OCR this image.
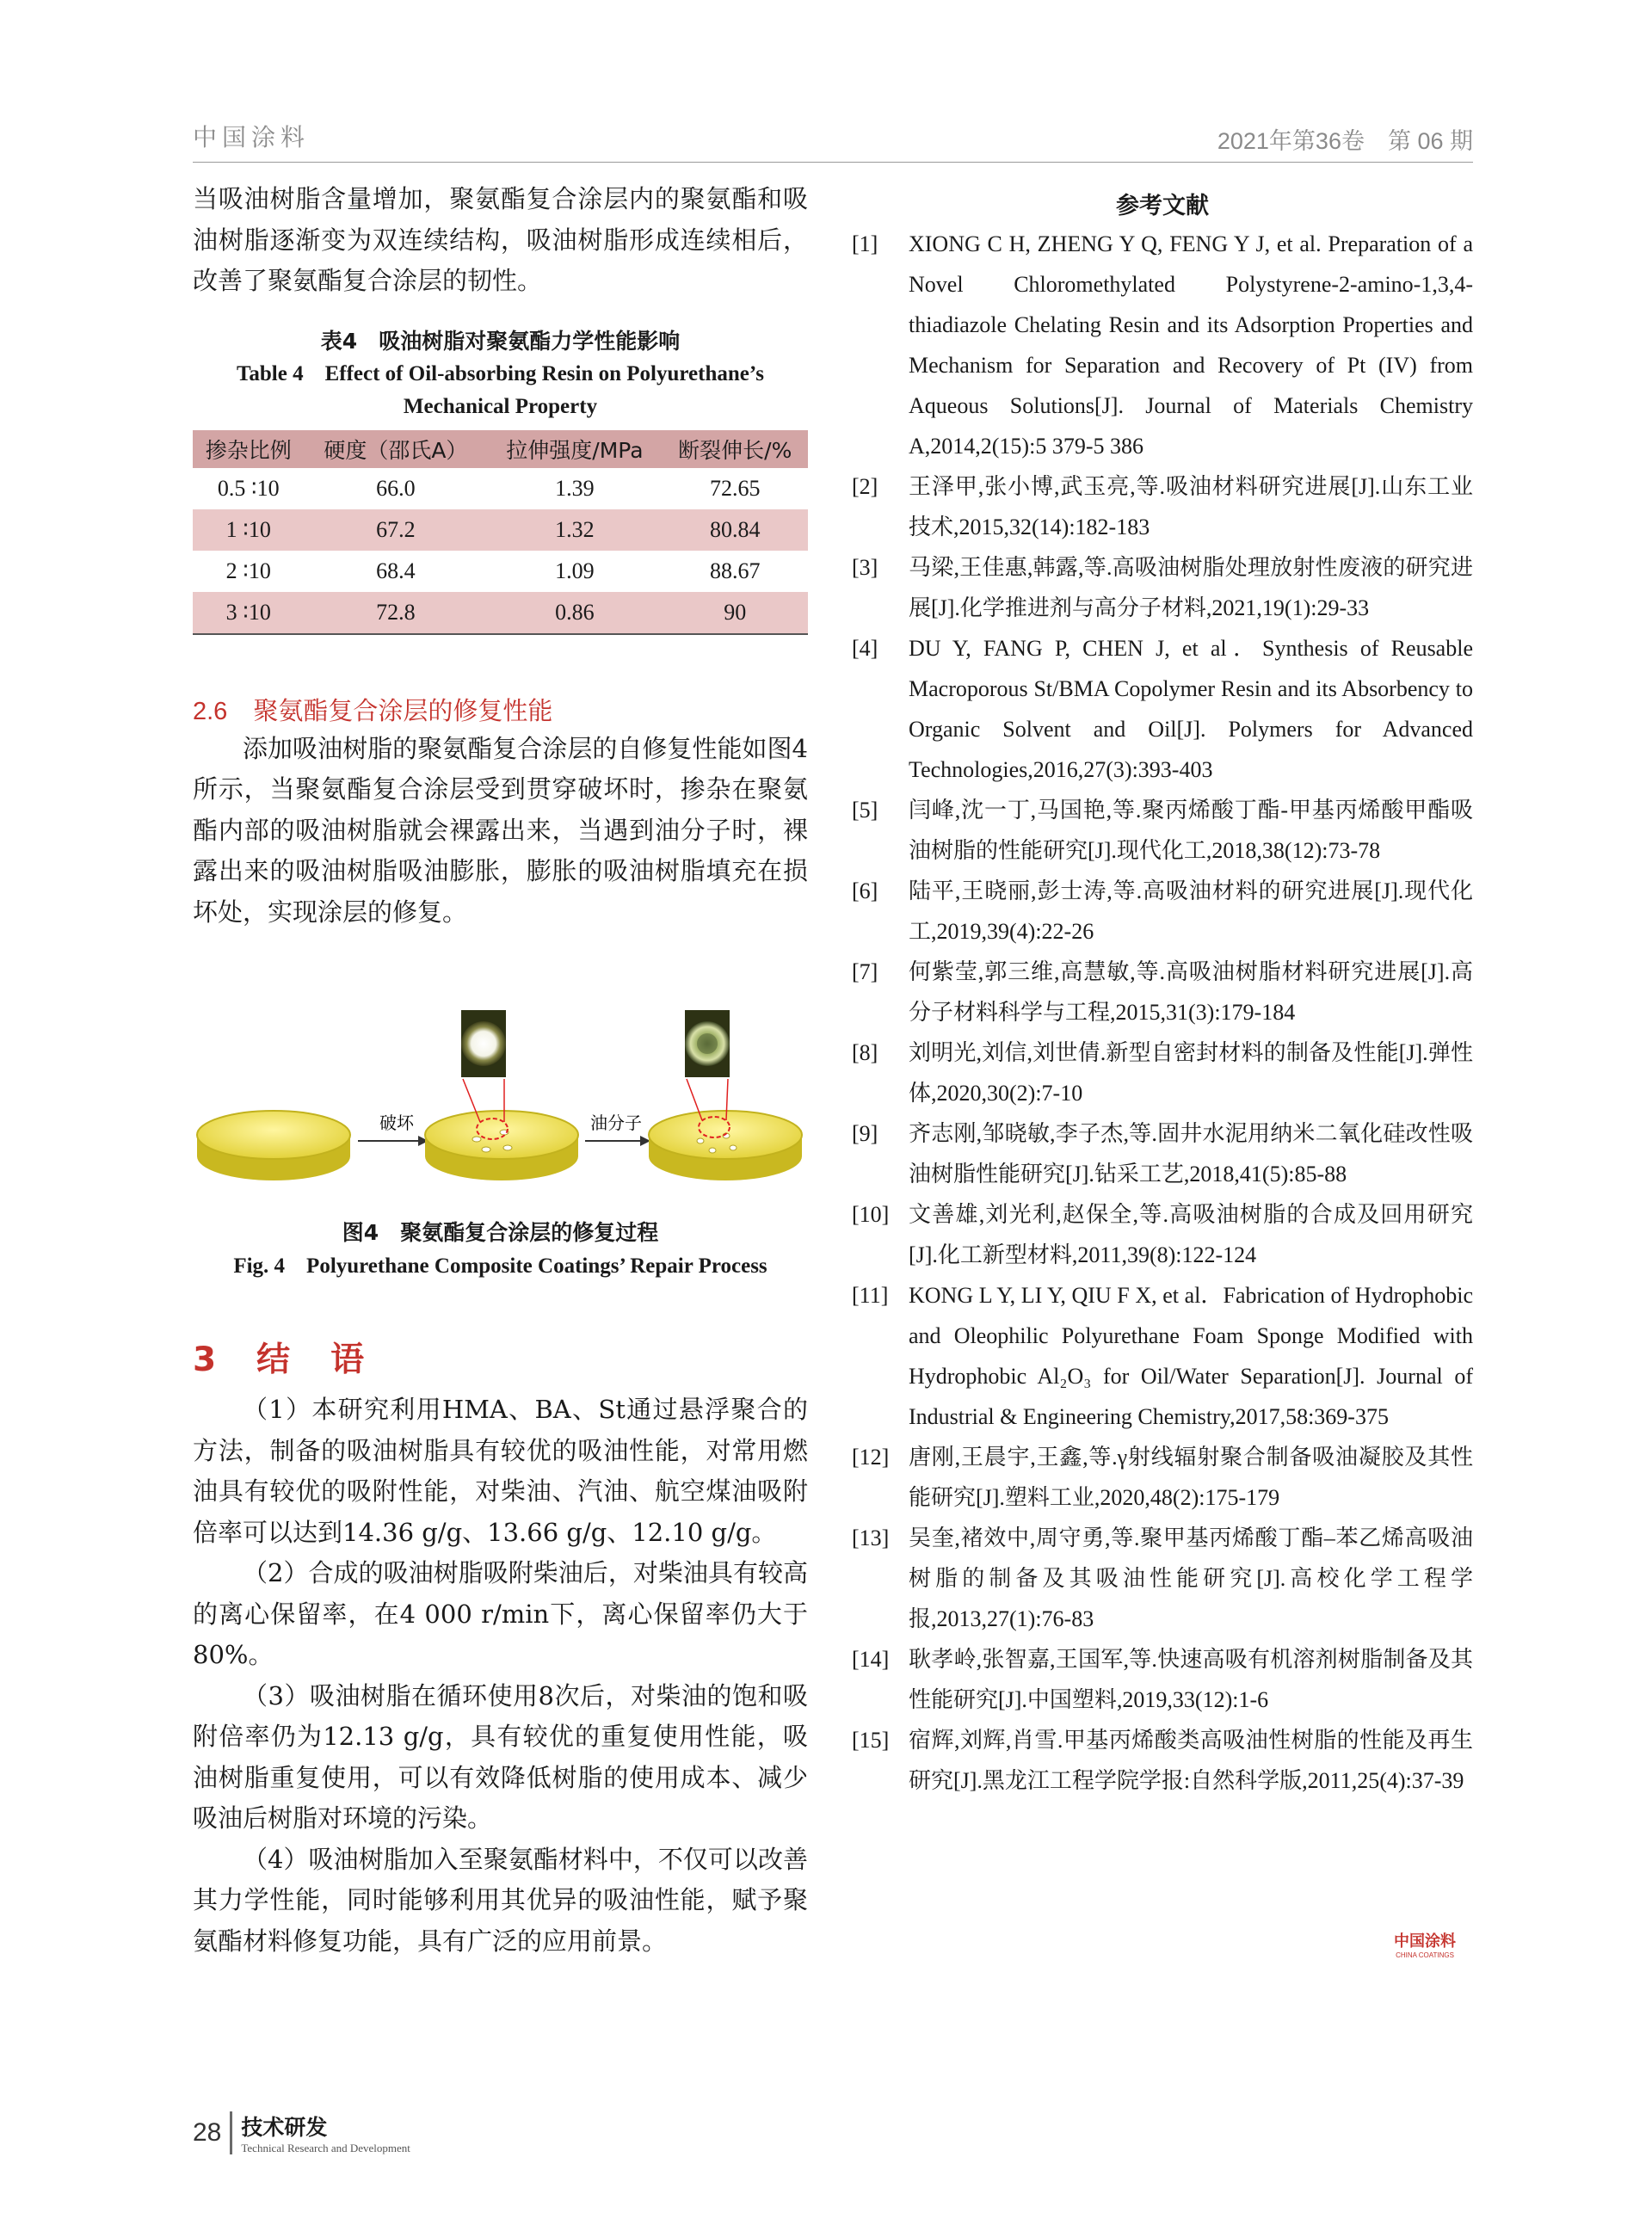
中国涂料	2021年第36卷　第 06 期

当吸油树脂含量增加，聚氨酯复合涂层内的聚氨酯和吸油树脂逐渐变为双连续结构，吸油树脂形成连续相后，改善了聚氨酯复合涂层的韧性。

表4　吸油树脂对聚氨酯力学性能影响
Table 4　Effect of Oil-absorbing Resin on Polyurethane’s Mechanical Property
掺杂比例	硬度（邵氏A）	拉伸强度/MPa	断裂伸长/%
0.5 ∶10	66.0	1.39	72.65
1 ∶10	67.2	1.32	80.84
2 ∶10	68.4	1.09	88.67
3 ∶10	72.8	0.86	90
2.6 聚氨酯复合涂层的修复性能

添加吸油树脂的聚氨酯复合涂层的自修复性能如图4所示，当聚氨酯复合涂层受到贯穿破坏时，掺杂在聚氨酯内部的吸油树脂就会裸露出来，当遇到油分子时，裸露出来的吸油树脂吸油膨胀，膨胀的吸油树脂填充在损坏处，实现涂层的修复。

破坏	油分子
图4　聚氨酯复合涂层的修复过程
Fig. 4　Polyurethane Composite Coatings’ Repair Process
3　结　语

（1）本研究利用HMA、BA、St通过悬浮聚合的方法，制备的吸油树脂具有较优的吸油性能，对常用燃油具有较优的吸附性能，对柴油、汽油、航空煤油吸附倍率可以达到14.36 g/g、13.66 g/g、12.10 g/g。

（2）合成的吸油树脂吸附柴油后，对柴油具有较高的离心保留率，在4 000 r/min下，离心保留率仍大于80%。

（3）吸油树脂在循环使用8次后，对柴油的饱和吸附倍率仍为12.13 g/g，具有较优的重复使用性能，吸油树脂重复使用，可以有效降低树脂的使用成本、减少吸油后树脂对环境的污染。

（4）吸油树脂加入至聚氨酯材料中，不仅可以改善其力学性能，同时能够利用其优异的吸油性能，赋予聚氨酯材料修复功能，具有广泛的应用前景。

参考文献
[1]	XIONG C H, ZHENG Y Q, FENG Y J, et al. Preparation of a Novel Chloromethylated Polystyrene-2-amino-1,3,4-thiadiazole Chelating Resin and its Adsorption Properties and Mechanism for Separation and Recovery of Pt (IV) from Aqueous Solutions[J]. Journal of Materials Chemistry A,2014,2(15):5 379-5 386
[2]	王泽甲,张小博,武玉亮,等.吸油材料研究进展[J].山东工业技术,2015,32(14):182-183
[3]	马梁,王佳惠,韩露,等.高吸油树脂处理放射性废液的研究进展[J].化学推进剂与高分子材料,2021,19(1):29-33
[4]	DU Y, FANG P, CHEN J, et al．Synthesis of Reusable Macroporous St/BMA Copolymer Resin and its Absorbency to Organic Solvent and Oil[J]. Polymers for Advanced Technologies,2016,27(3):393-403
[5]	闫峰,沈一丁,马国艳,等.聚丙烯酸丁酯-甲基丙烯酸甲酯吸油树脂的性能研究[J].现代化工,2018,38(12):73-78
[6]	陆平,王晓丽,彭士涛,等.高吸油材料的研究进展[J].现代化工,2019,39(4):22-26
[7]	何紫莹,郭三维,高慧敏,等.高吸油树脂材料研究进展[J].高分子材料科学与工程,2015,31(3):179-184
[8]	刘明光,刘信,刘世倩.新型自密封材料的制备及性能[J].弹性体,2020,30(2):7-10
[9]	齐志刚,邹晓敏,李子杰,等.固井水泥用纳米二氧化硅改性吸油树脂性能研究[J].钻采工艺,2018,41(5):85-88
[10] 文善雄,刘光利,赵保全,等.高吸油树脂的合成及回用研究[J].化工新型材料,2011,39(8):122-124
[11] KONG L Y, LI Y, QIU F X, et al．Fabrication of Hydrophobic and Oleophilic Polyurethane Foam Sponge Modified with Hydrophobic Al₂O₃ for Oil/Water Separation[J]. Journal of Industrial & Engineering Chemistry,2017,58:369-375
[12] 唐刚,王晨宇,王鑫,等.γ射线辐射聚合制备吸油凝胶及其性能研究[J].塑料工业,2020,48(2):175-179
[13] 吴奎,褚效中,周守勇,等.聚甲基丙烯酸丁酯–苯乙烯高吸油树脂的制备及其吸油性能研究[J].高校化学工程学报,2013,27(1):76-83
[14] 耿孝岭,张智嘉,王国军,等.快速高吸有机溶剂树脂制备及其性能研究[J].中国塑料,2019,33(12):1-6
[15] 宿辉,刘辉,肖雪.甲基丙烯酸类高吸油性树脂的性能及再生研究[J].黑龙江工程学院学报:自然科学版,2011,25(4):37-39
中国涂料
CHINA COATINGS
28 技术研发
Technical Research and Development
